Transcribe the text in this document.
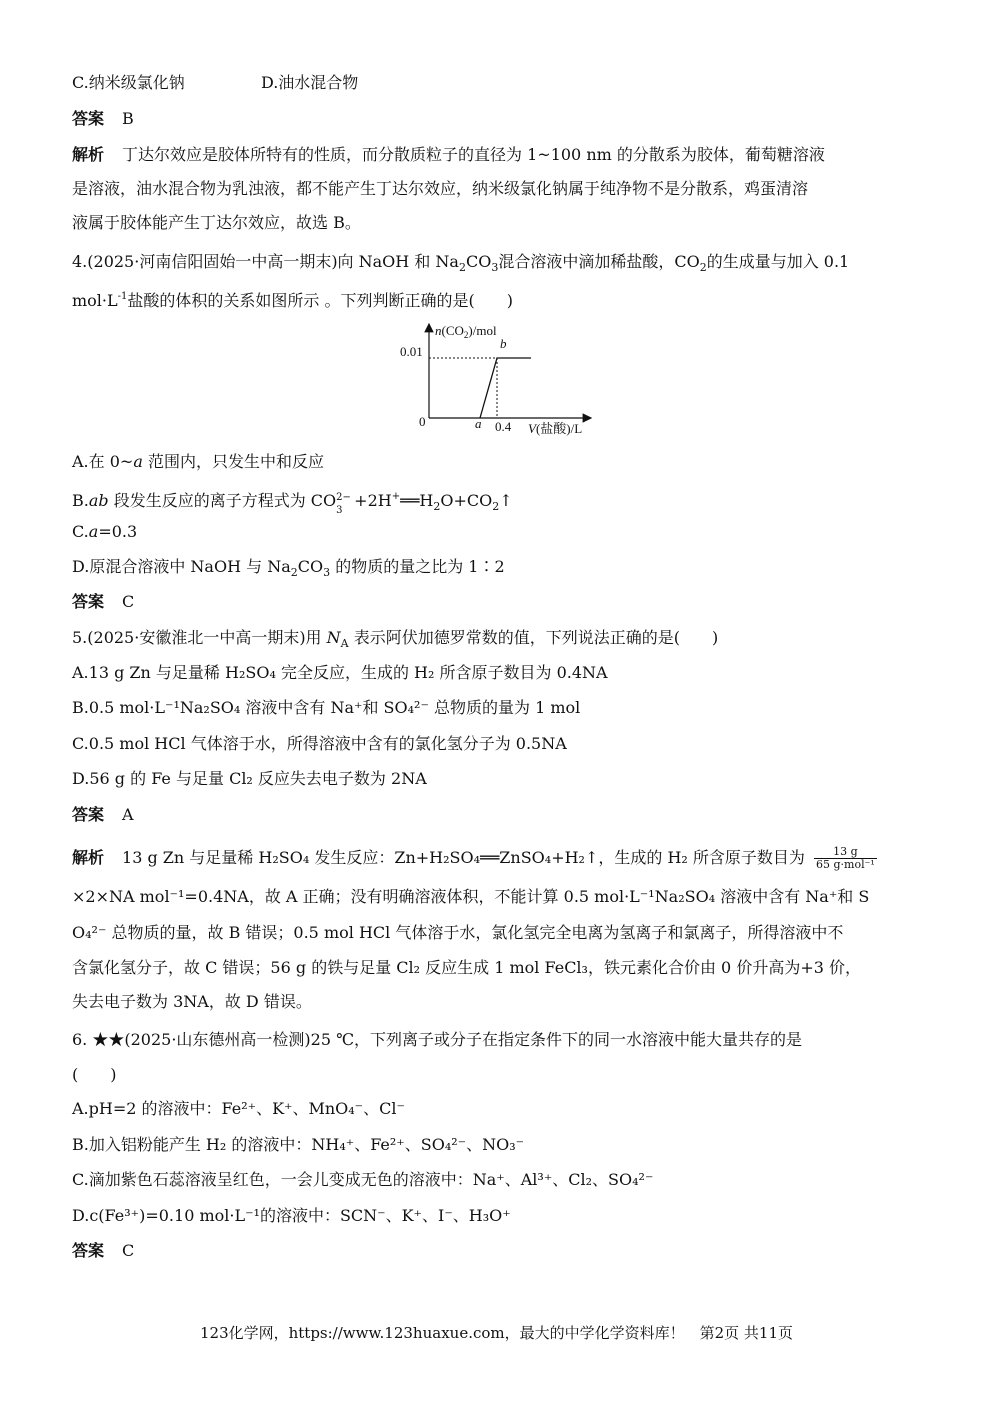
C.纳米级氯化钠	D.油水混合物
答案 B
解析 丁达尔效应是胶体所特有的性质，而分散质粒子的直径为 1~100 nm 的分散系为胶体，葡萄糖溶液
是溶液，油水混合物为乳浊液，都不能产生丁达尔效应，纳米级氯化钠属于纯净物不是分散系，鸡蛋清溶
液属于胶体能产生丁达尔效应，故选 B。
4.(2025·河南信阳固始一中高一期末)向 NaOH 和 $Na_2CO_3$混合溶液中滴加稀盐酸，$CO_2$的生成量与加入 0.1
$mol\cdot L^{-1}$盐酸的体积的关系如图所示 。下列判断正确的是(　　)
$n(CO_2)$/mol
V(盐酸)/L
0.01
0.4
0	a
b
A.在 0~a 范围内，只发生中和反应
B.ab 段发生反应的离子方程式为 CO 2−
3
$+2H^+══H_2O+CO_2↑$
C.a=0.3
D.原混合溶液中 NaOH 与 $Na_2CO_3$ 的物质的量之比为 1∶2
答案 C
5.(2025·安徽淮北一中高一期末)用 $N_A$ 表示阿伏加德罗常数的值，下列说法正确的是(　　)
A.13 g Zn 与足量稀 H₂SO₄ 完全反应，生成的 H₂ 所含原子数目为 0.4NA
B.0.5 mol·L⁻¹Na₂SO₄ 溶液中含有 Na⁺和 SO₄²⁻ 总物质的量为 1 mol
C.0.5 mol HCl 气体溶于水，所得溶液中含有的氯化氢分子为 0.5NA
D.56 g 的 Fe 与足量 Cl₂ 反应失去电子数为 2NA
答案 A
解析 13 g Zn 与足量稀 H₂SO₄ 发生反应：Zn+H₂SO₄══ZnSO₄+H₂↑，生成的 H₂ 所含原子数目为	13 g
65 g·mol⁻¹
×2×NA mol⁻¹=0.4NA，故 A 正确；没有明确溶液体积，不能计算 0.5 mol·L⁻¹Na₂SO₄ 溶液中含有 Na⁺和 S
O₄²⁻ 总物质的量，故 B 错误；0.5 mol HCl 气体溶于水，氯化氢完全电离为氢离子和氯离子，所得溶液中不
含氯化氢分子，故 C 错误；56 g 的铁与足量 Cl₂ 反应生成 1 mol FeCl₃，铁元素化合价由 0 价升高为+3 价，
失去电子数为 3NA，故 D 错误。
6. ★★(2025·山东德州高一检测)25 ℃，下列离子或分子在指定条件下的同一水溶液中能大量共存的是
(　　)
A.pH=2 的溶液中：Fe²⁺、K⁺、MnO₄⁻、Cl⁻
B.加入铝粉能产生 H₂ 的溶液中：NH₄⁺、Fe²⁺、SO₄²⁻、NO₃⁻
C.滴加紫色石蕊溶液呈红色，一会儿变成无色的溶液中：Na⁺、Al³⁺、Cl₂、SO₄²⁻
D.c(Fe³⁺)=0.10 mol·L⁻¹的溶液中：SCN⁻、K⁺、I⁻、H₃O⁺
答案 C
123化学网，https://www.123huaxue.com，最大的中学化学资料库！　第2页 共11页
